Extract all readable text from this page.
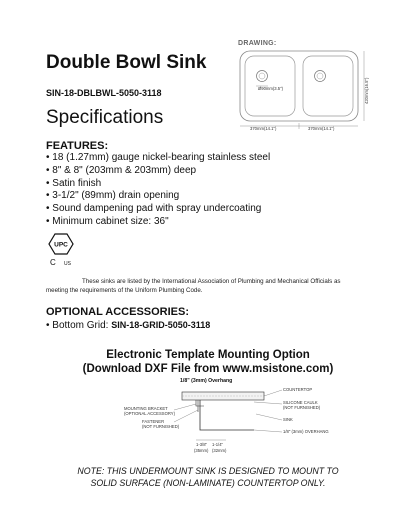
Double Bowl Sink
SIN-18-DBLBWL-5050-3118
Specifications
DRAWING:
Ø90mm(3.5")	420mm(16.5")
370mm(14.1")	370mm(14.1")
FEATURES:
• 18 (1.27mm) gauge nickel-bearing stainless steel
• 8" & 8" (203mm & 203mm) deep
• Satin finish
• 3-1/2" (89mm) drain opening
• Sound dampening pad with spray undercoating
• Minimum cabinet size: 36"
UPC
C US
These sinks are listed by the International Association of Plumbing and Mechanical Officials as
meeting the requirements of the Uniform Plumbing Code.
OPTIONAL ACCESSORIES:
• Bottom Grid: SIN-18-GRID-5050-3118
Electronic Template Mounting Option
(Download DXF File from www.msistone.com)
1/8" (3mm) Overhang
COUNTERTOP
SILICONE CAULK
(NOT FURNISHED)
SINK
1/8" (3mm) OVERHANG
MOUNTING BRACKET
(OPTIONAL ACCESSORY)
FASTENER
(NOT FURNISHED)
1-3/8" 1-1/4"
(35mm) (32mm)
NOTE: THIS UNDERMOUNT SINK IS DESIGNED TO MOUNT TO
SOLID SURFACE (NON-LAMINATE) COUNTERTOP ONLY.
